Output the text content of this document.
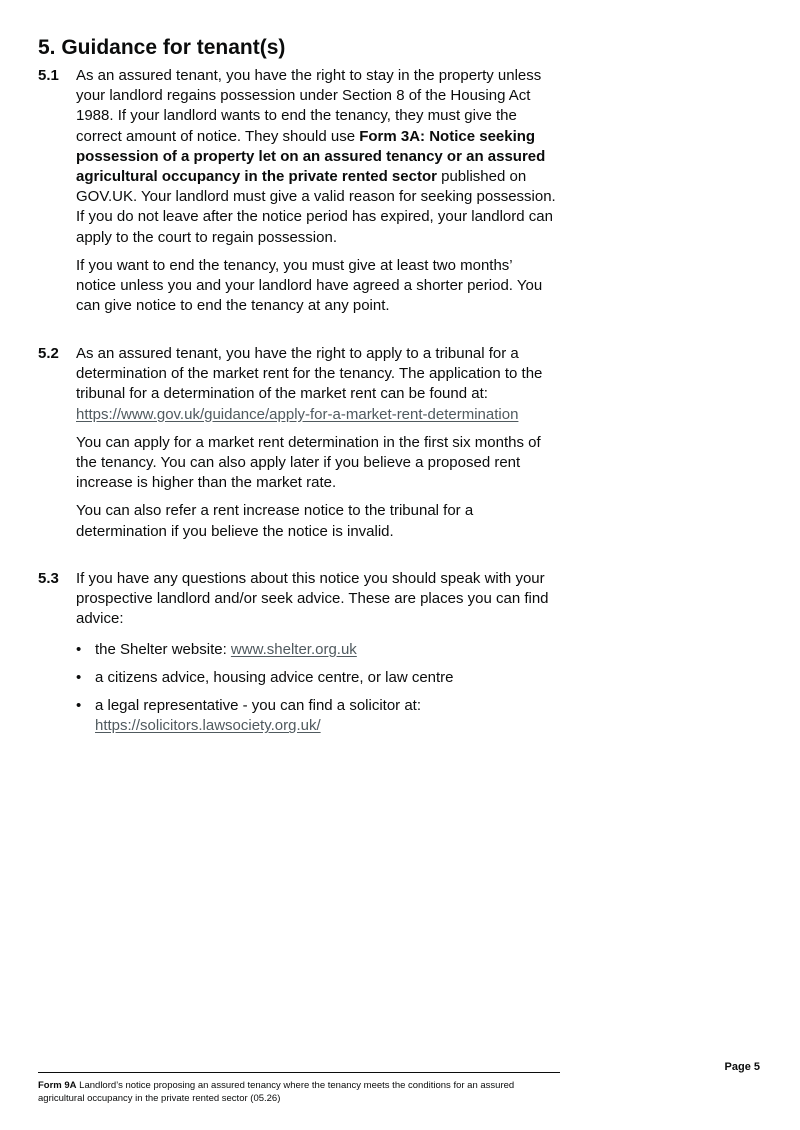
5. Guidance for tenant(s)
5.1 As an assured tenant, you have the right to stay in the property unless your landlord regains possession under Section 8 of the Housing Act 1988. If your landlord wants to end the tenancy, they must give the correct amount of notice. They should use Form 3A: Notice seeking possession of a property let on an assured tenancy or an assured agricultural occupancy in the private rented sector published on GOV.UK. Your landlord must give a valid reason for seeking possession. If you do not leave after the notice period has expired, your landlord can apply to the court to regain possession.

If you want to end the tenancy, you must give at least two months’ notice unless you and your landlord have agreed a shorter period. You can give notice to end the tenancy at any point.

5.2 As an assured tenant, you have the right to apply to a tribunal for a determination of the market rent for the tenancy. The application to the tribunal for a determination of the market rent can be found at: https://www.gov.uk/guidance/apply-for-a-market-rent-determination

You can apply for a market rent determination in the first six months of the tenancy. You can also apply later if you believe a proposed rent increase is higher than the market rate.

You can also refer a rent increase notice to the tribunal for a determination if you believe the notice is invalid.

5.3 If you have any questions about this notice you should speak with your prospective landlord and/or seek advice. These are places you can find advice:

• the Shelter website: www.shelter.org.uk
• a citizens advice, housing advice centre, or law centre
• a legal representative - you can find a solicitor at: https://solicitors.lawsociety.org.uk/
Page 5
Form 9A Landlord’s notice proposing an assured tenancy where the tenancy meets the conditions for an assured agricultural occupancy in the private rented sector (05.26)
